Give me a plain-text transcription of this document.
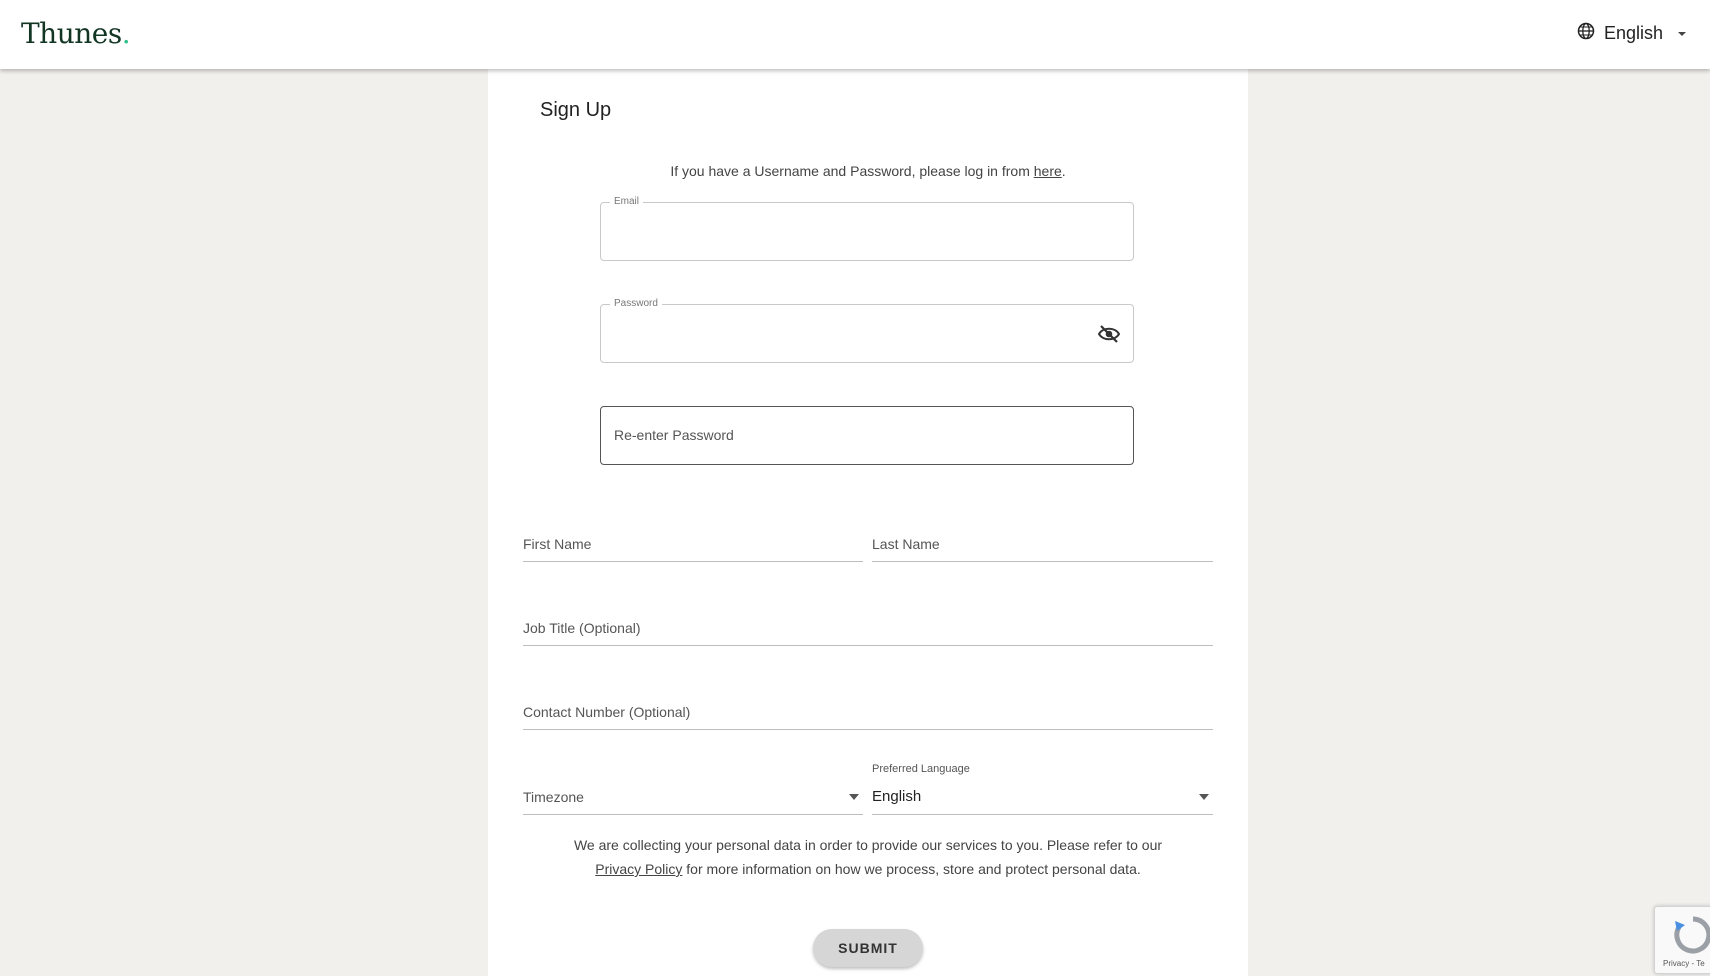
Thunes.	English
Sign Up
If you have a Username and Password, please log in from here.
Email
Password
Re-enter Password
First Name	Last Name
Job Title (Optional)
Contact Number (Optional)
Timezone
Preferred Language
English
We are collecting your personal data in order to provide our services to you. Please refer to our
Privacy Policy for more information on how we process, store and protect personal data.
SUBMIT
Privacy - Te
